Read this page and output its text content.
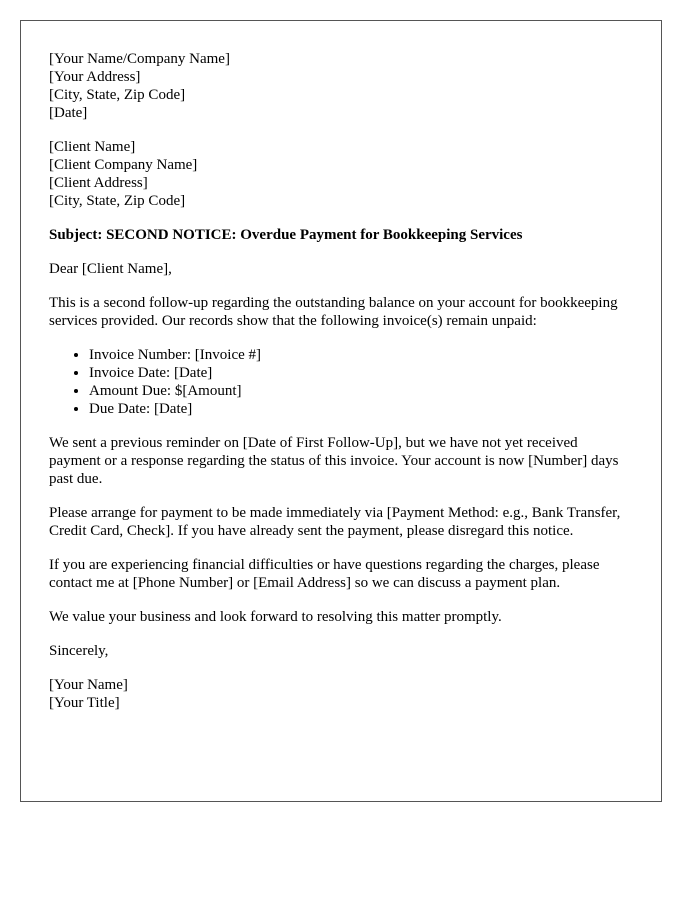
[Your Name/Company Name]
[Your Address]
[City, State, Zip Code]
[Date]
[Client Name]
[Client Company Name]
[Client Address]
[City, State, Zip Code]

Subject: SECOND NOTICE: Overdue Payment for Bookkeeping Services

Dear [Client Name],

This is a second follow-up regarding the outstanding balance on your account for bookkeeping services provided. Our records show that the following invoice(s) remain unpaid:

• Invoice Number: [Invoice #]
• Invoice Date: [Date]
• Amount Due: $[Amount]
• Due Date: [Date]

We sent a previous reminder on [Date of First Follow-Up], but we have not yet received payment or a response regarding the status of this invoice. Your account is now [Number] days past due.

Please arrange for payment to be made immediately via [Payment Method: e.g., Bank Transfer, Credit Card, Check]. If you have already sent the payment, please disregard this notice.

If you are experiencing financial difficulties or have questions regarding the charges, please contact me at [Phone Number] or [Email Address] so we can discuss a payment plan.

We value your business and look forward to resolving this matter promptly.

Sincerely,

[Your Name]
[Your Title]
